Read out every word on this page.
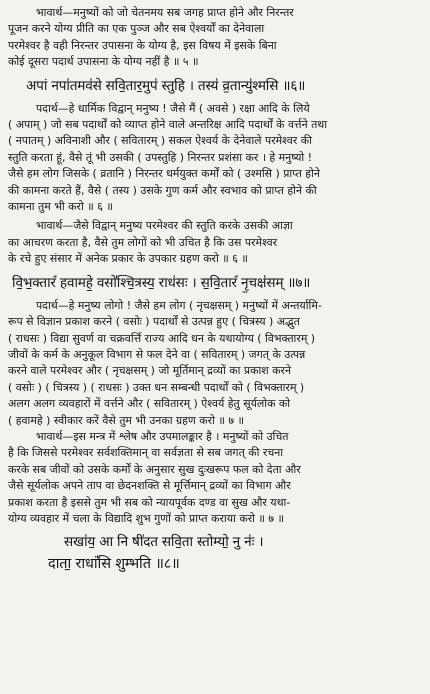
भावार्थ—मनुष्यों को जो चेतनमय सब जगह प्राप्त होने और निरन्तर
पूजन करने योग्य प्रीति का एक पुञ्ज और सब ऐश्वर्यों का देनेवाला
परमेश्वर है वही निरन्तर उपासना के योग्य है, इस विषय में इसके बिना
कोई दूसरा पदार्थ उपासना के योग्य नहीं है ॥ ५ ॥
अपां नपा॑तमव॑से सवि॒तार॒मुप॑ स्तुहि । तस्य॑ व्र॒तान्यु॑श्मसि ॥६॥
पदार्थ—हे धार्मिक विद्वान् मनुष्य ! जैसे मैं ( अवसे ) रक्षा आदि के लिये
( अपाम् ) जो सब पदार्थों को व्याप्त होने वाले अन्तरिक्ष आदि पदार्थों के वर्त्तने तथा
( नपातम् ) अविनाशी और ( सवितारम् ) सकल ऐश्वर्य के देनेवाले परमेश्वर की
स्तुति करता हूं, वैसे तूं भी उसकी ( उपस्तुहि ) निरन्तर प्रशंसा कर । हे मनुष्यो !
जैसे हम लोग जिसके ( व्रतानि ) निरन्तर धर्मयुक्त कर्मों को ( उश्मसि ) प्राप्त होने
की कामना करते हैं, वैसे ( तस्य ) उसके गुण कर्म और स्वभाव को प्राप्त होने की
कामना तुम भी करो ॥ ६ ॥
भावार्थ—जैसे विद्वान् मनुष्य परमेश्वर की स्तुति करके उसकी आज्ञा
का आचरण करता है, वैसे तुम लोगों को भी उचित है कि उस परमेश्वर
के रचे हुए संसार में अनेक प्रकार के उपकार ग्रहण करो ॥ ६ ॥
वि॒भ॒क्तारं॑ हवामहे॒ वसो॑श्चि॒त्रस्य॒ राध॑सः । स॒वि॒तारं॑ नृ॒चक्ष॑सम् ॥७॥
पदार्थ—हे मनुष्य लोगो ! जैसे हम लोग ( नृचक्षसम् ) मनुष्यों में अन्तर्यामि-
रूप से विज्ञान प्रकाश करने ( वसोः ) पदार्थों से उत्पन्न हुए ( चित्रस्य ) अद्भुत
( राधसः ) विद्या सुवर्ण वा चक्रवर्त्ति राज्य आदि धन के यथायोग्य ( विभक्तारम् )
जीवों के कर्म के अनुकूल विभाग से फल देने वा ( सवितारम् ) जगत् के उत्पन्न
करने वाले परमेश्वर और ( नृचक्षसम् ) जो मूर्तिमान् द्रव्यों का प्रकाश करने
( वसोः ) ( चित्रस्य ) ( राधसः ) उक्त धन सम्बन्धी पदार्थों को ( विभक्तारम् )
अलग अलग व्यवहारों में वर्त्तने और ( सवितारम् ) ऐश्वर्य हेतु सूर्यलोक को
( हवामहे ) स्वीकार करें वैसे तुम भी उनका ग्रहण करो ॥ ७ ॥
भावार्थ—इस मन्त्र में श्लेष और उपमालङ्कार है । मनुष्यों को उचित
है कि जिससे परमेश्वर सर्वशक्तिमान् वा सर्वज्ञता से सब जगत् की रचना
करके सब जीवों को उसके कर्मों के अनुसार सुख दुःखरूप फल को देता और
जैसे सूर्यलोक अपने ताप वा छेदनशक्ति से मूर्त्तिमान् द्रव्यों का विभाग और
प्रकाश करता है इससे तुम भी सब को न्यायपूर्वक दण्ड वा सुख और यथा-
योग्य व्यवहार में चला के विद्यादि शुभ गुणों को प्राप्त कराया करो ॥ ७ ॥
सखा॑य॒ आ नि षी॑दत सवि॒ता स्तोम्यो॒ नु नः॑ ।
दाता॒ राधां॑सि शुम्भति ॥८॥
